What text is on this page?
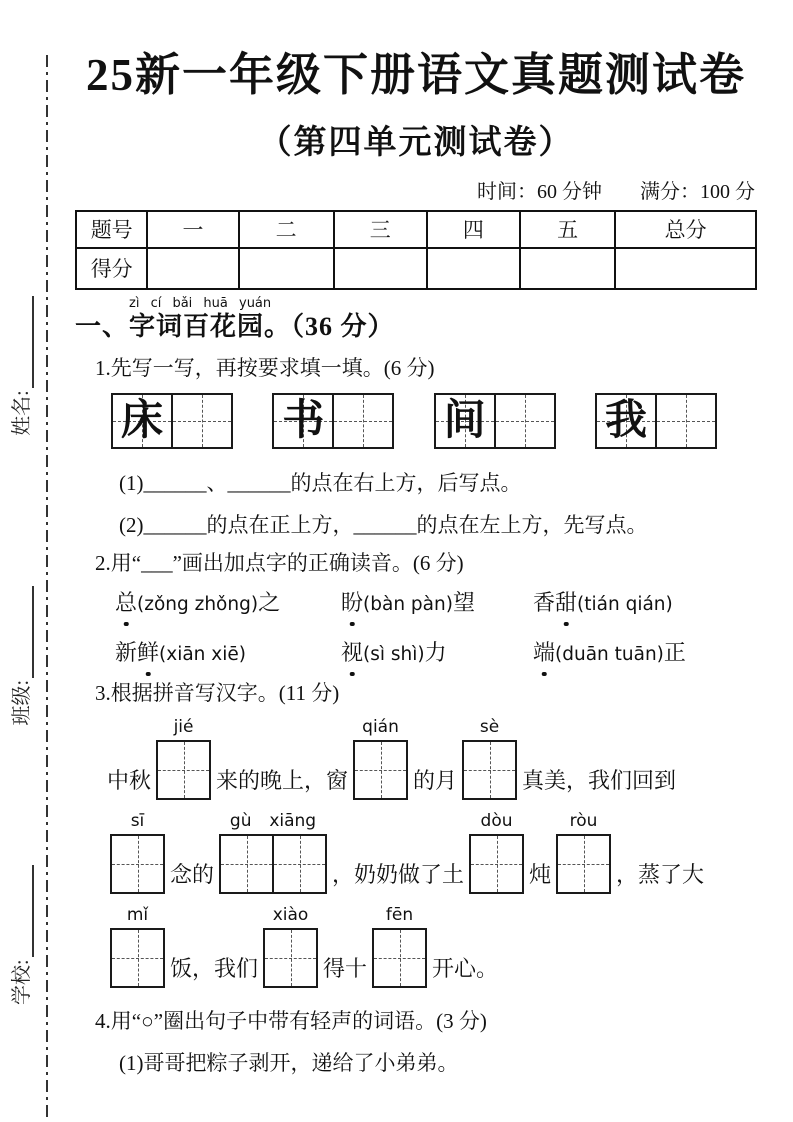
学校:
班级:
姓名:
25新一年级下册语文真题测试卷
（第四单元测试卷）
时间：60 分钟 满分：100 分
题号	一	二	三	四	五	总分
得分						
zì cí bǎi huā yuán
一、字词百花园。（36 分）
1.先写一写，再按要求填一填。(6 分)
床	书	间	我
(1)______、______的点在右上方，后写点。
(2)______的点在正上方，______的点在左上方，先写点。
2.用“___”画出加点字的正确读音。(6 分)
总(zǒng zhǒng)之	盼(bàn pàn)望	香甜(tián qián)
新鲜(xiān xiē)	视(sì shì)力	端(duān tuān)正
3.根据拼音写汉字。(11 分)
中秋
jié
来的晚上，窗
qián
的月
sè
真美，我们回到
sī
念的
gù xiāng
，奶奶做了土
dòu
炖
ròu
，蒸了大
mǐ
饭，我们
xiào
得十
fēn
开心。
4.用“○”圈出句子中带有轻声的词语。(3 分)
(1)哥哥把粽子剥开，递给了小弟弟。
